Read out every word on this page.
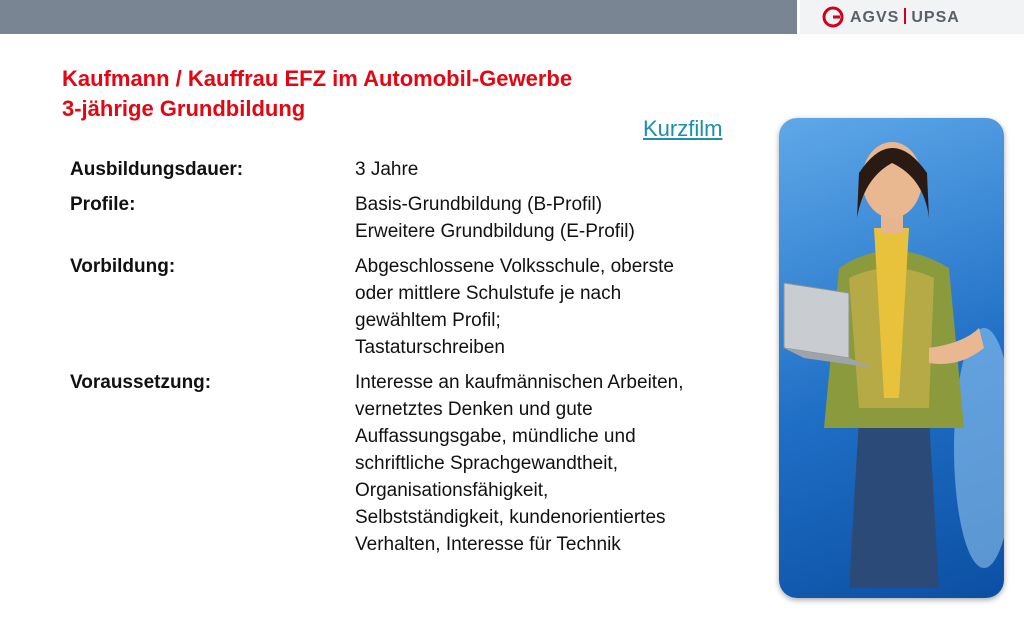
AGVS UPSA
Kaufmann / Kauffrau EFZ im Automobil-Gewerbe
3-jährige Grundbildung
Kurzfilm
Ausbildungsdauer:	3 Jahre
Profile:	Basis-Grundbildung (B-Profil)
Erweitere Grundbildung (E-Profil)
Vorbildung:	Abgeschlossene Volksschule, oberste
oder mittlere Schulstufe je nach
gewähltem Profil;
Tastaturschreiben
Voraussetzung:	Interesse an kaufmännischen Arbeiten,
vernetztes Denken und gute
Auffassungsgabe, mündliche und
schriftliche Sprachgewandtheit,
Organisationsfähigkeit,
Selbstständigkeit, kundenorientiertes
Verhalten, Interesse für Technik
